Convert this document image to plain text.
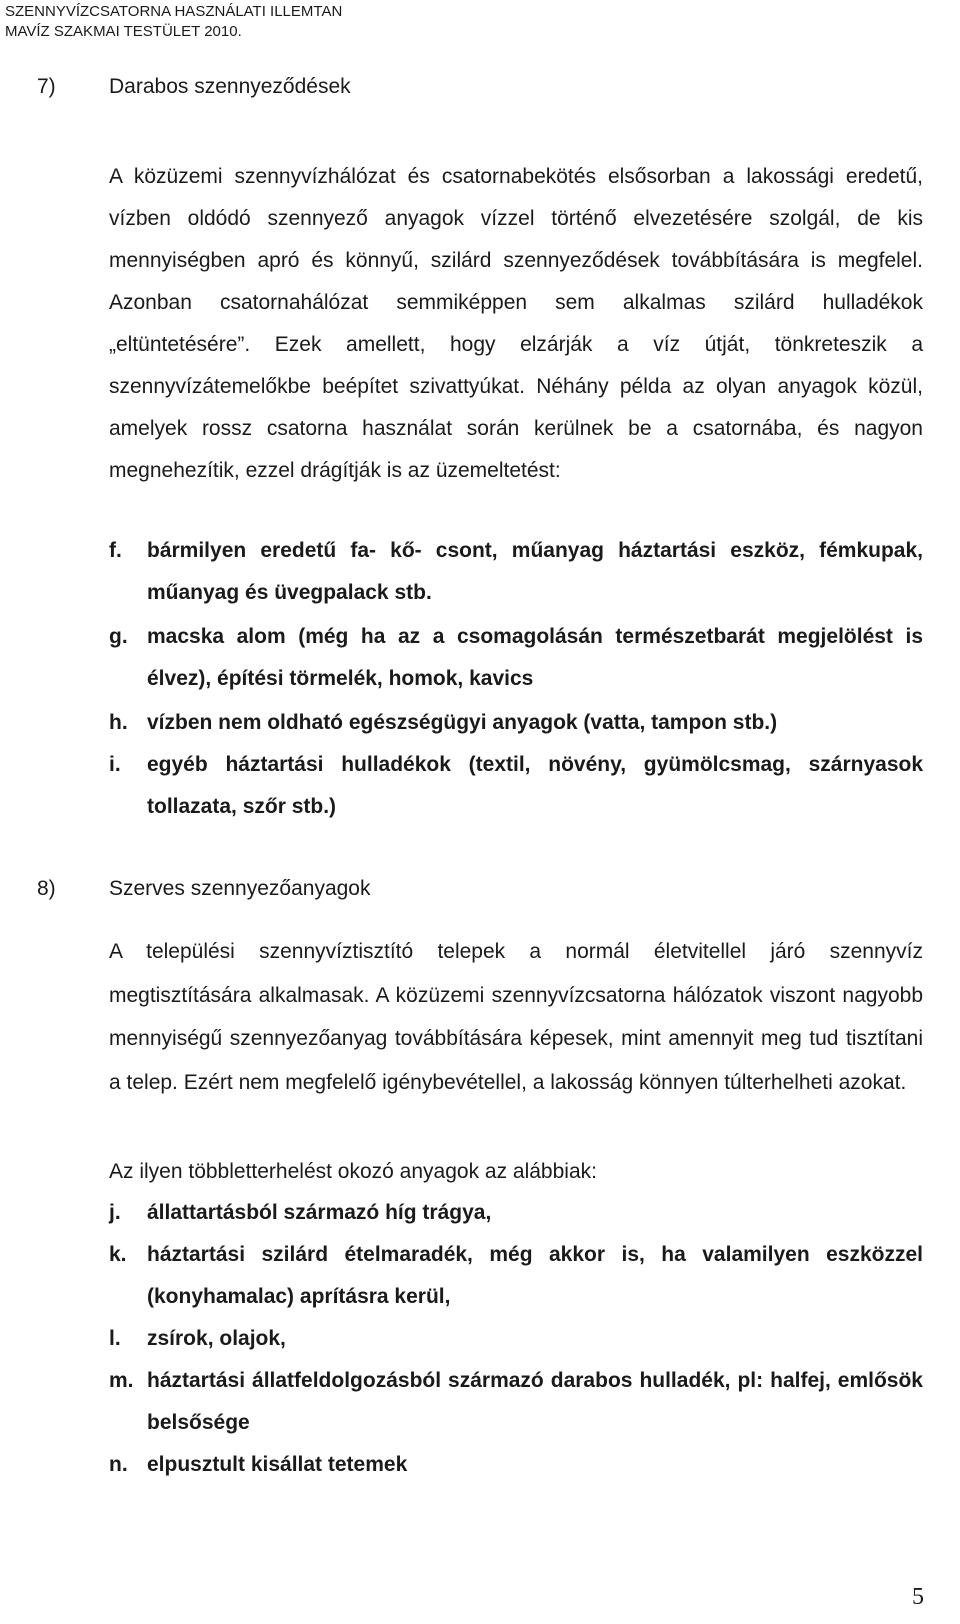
SZENNYVÍZCSATORNA HASZNÁLATI ILLEMTAN
MAVÍZ SZAKMAI TESTÜLET 2010.
7)	Darabos szennyeződések
A közüzemi szennyvízhálózat és csatornabekötés elsősorban a lakossági eredetű, vízben oldódó szennyező anyagok vízzel történő elvezetésére szolgál, de kis mennyiségben apró és könnyű, szilárd szennyeződések továbbítására is megfelel. Azonban csatornahálózat semmiképpen sem alkalmas szilárd hulladékok „eltüntetésére”. Ezek amellett, hogy elzárják a víz útját, tönkreteszik a szennyvízátemelőkbe beépítet szivattyúkat. Néhány példa az olyan anyagok közül, amelyek rossz csatorna használat során kerülnek be a csatornába, és nagyon megnehezítik, ezzel drágítják is az üzemeltetést:
f.	bármilyen eredetű fa- kő- csont, műanyag háztartási eszköz, fémkupak, műanyag és üvegpalack stb.
g. macska alom (még ha az a csomagolásán természetbarát megjelölést is élvez), építési törmelék, homok, kavics
h. vízben nem oldható egészségügyi anyagok (vatta, tampon stb.)
i.	egyéb háztartási hulladékok (textil, növény, gyümölcsmag, szárnyasok tollazata, szőr stb.)
8)	Szerves szennyezőanyagok
A települési szennyvíztisztító telepek a normál életvitellel járó szennyvíz megtisztítására alkalmasak. A közüzemi szennyvízcsatorna hálózatok viszont nagyobb mennyiségű szennyezőanyag továbbítására képesek, mint amennyit meg tud tisztítani a telep. Ezért nem megfelelő igénybevétellel, a lakosság könnyen túlterhelheti azokat.
Az ilyen többletterhelést okozó anyagok az alábbiak:
j.	állattartásból származó híg trágya,
k. háztartási szilárd ételmaradék, még akkor is, ha valamilyen eszközzel (konyhamalac) aprításra kerül,
l.	zsírok, olajok,
m. háztartási állatfeldolgozásból származó darabos hulladék, pl: halfej, emlősök belsősége
n. elpusztult kisállat tetemek
5
